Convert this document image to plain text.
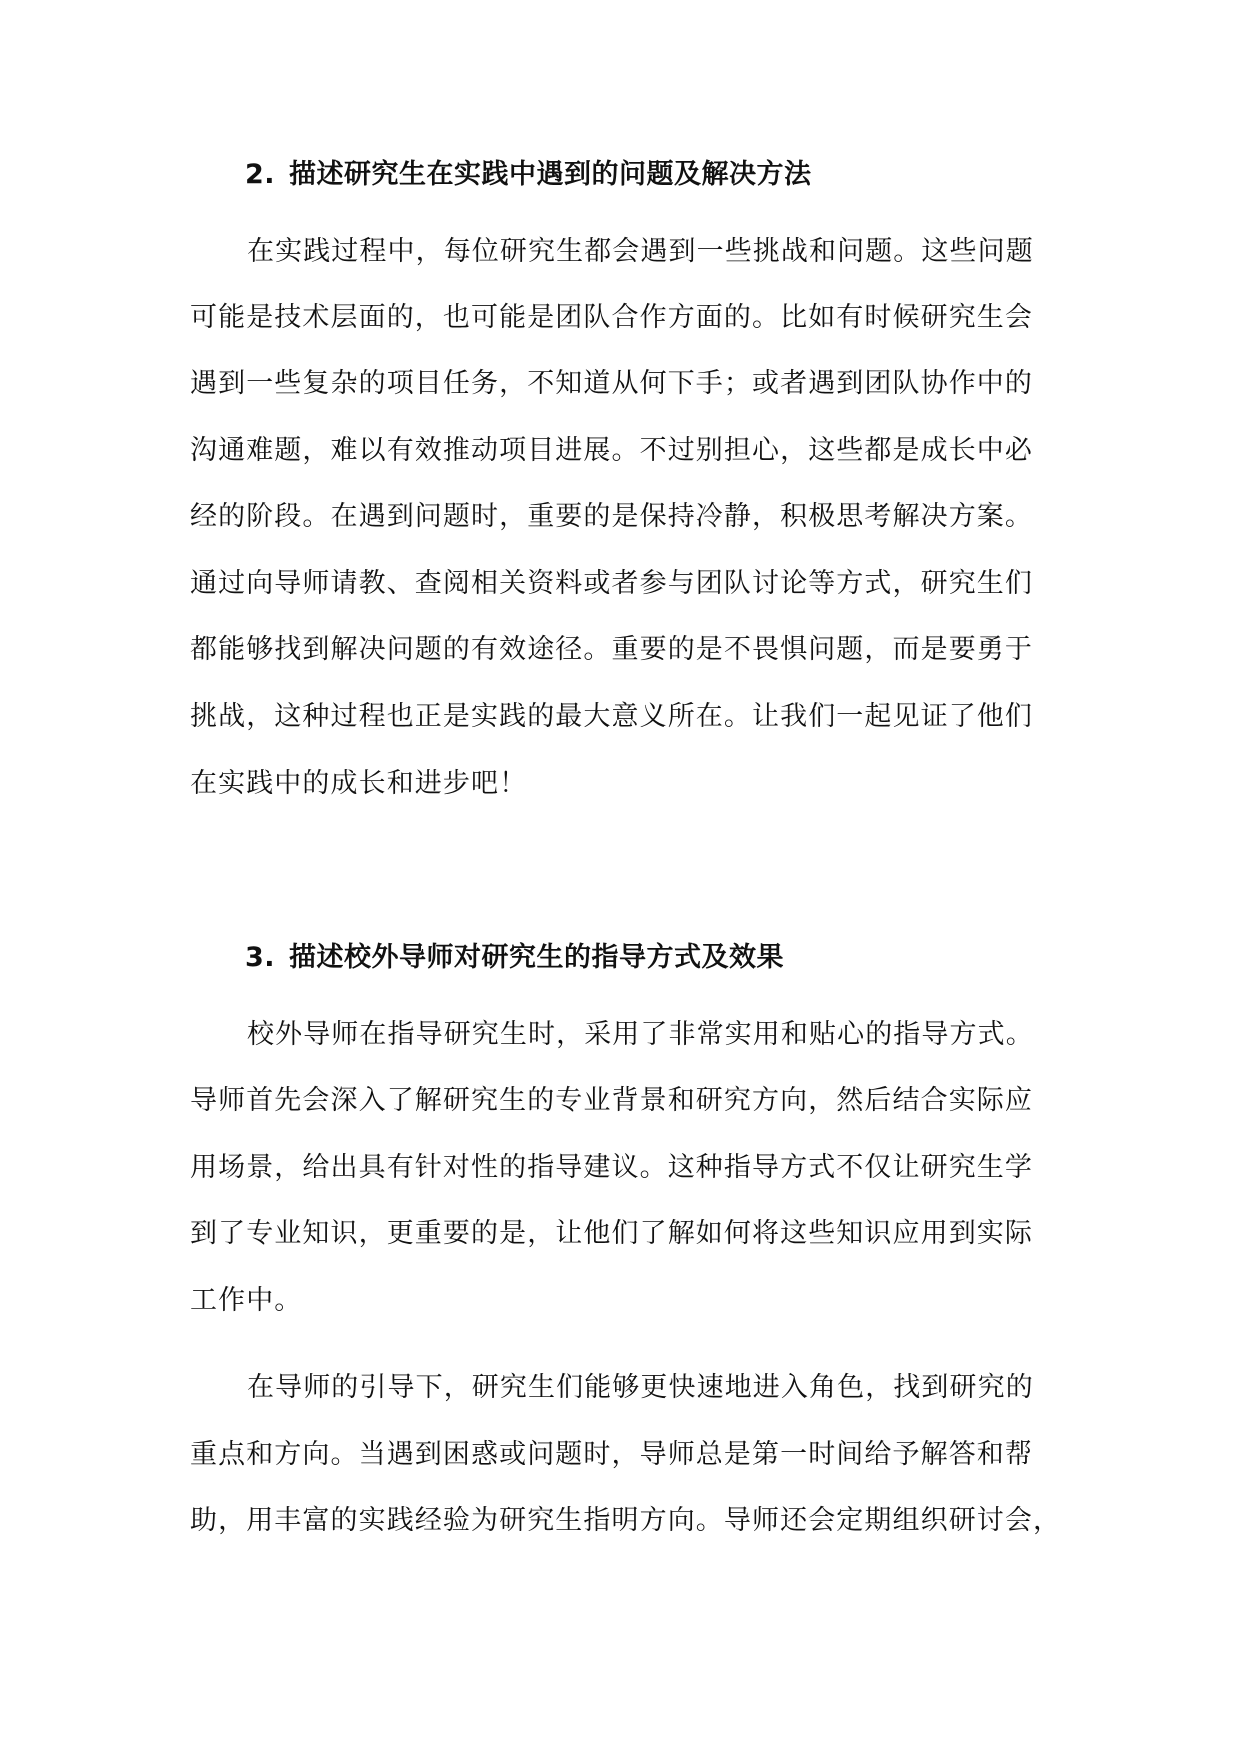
2. 描述研究生在实践中遇到的问题及解决方法
在实践过程中，每位研究生都会遇到一些挑战和问题。这些问题
可能是技术层面的，也可能是团队合作方面的。比如有时候研究生会
遇到一些复杂的项目任务，不知道从何下手；或者遇到团队协作中的
沟通难题，难以有效推动项目进展。不过别担心，这些都是成长中必
经的阶段。在遇到问题时，重要的是保持冷静，积极思考解决方案。
通过向导师请教、查阅相关资料或者参与团队讨论等方式，研究生们
都能够找到解决问题的有效途径。重要的是不畏惧问题，而是要勇于
挑战，这种过程也正是实践的最大意义所在。让我们一起见证了他们
在实践中的成长和进步吧！
3. 描述校外导师对研究生的指导方式及效果
校外导师在指导研究生时，采用了非常实用和贴心的指导方式。
导师首先会深入了解研究生的专业背景和研究方向，然后结合实际应
用场景，给出具有针对性的指导建议。这种指导方式不仅让研究生学
到了专业知识，更重要的是，让他们了解如何将这些知识应用到实际
工作中。
在导师的引导下，研究生们能够更快速地进入角色，找到研究的
重点和方向。当遇到困惑或问题时，导师总是第一时间给予解答和帮
助，用丰富的实践经验为研究生指明方向。导师还会定期组织研讨会，
